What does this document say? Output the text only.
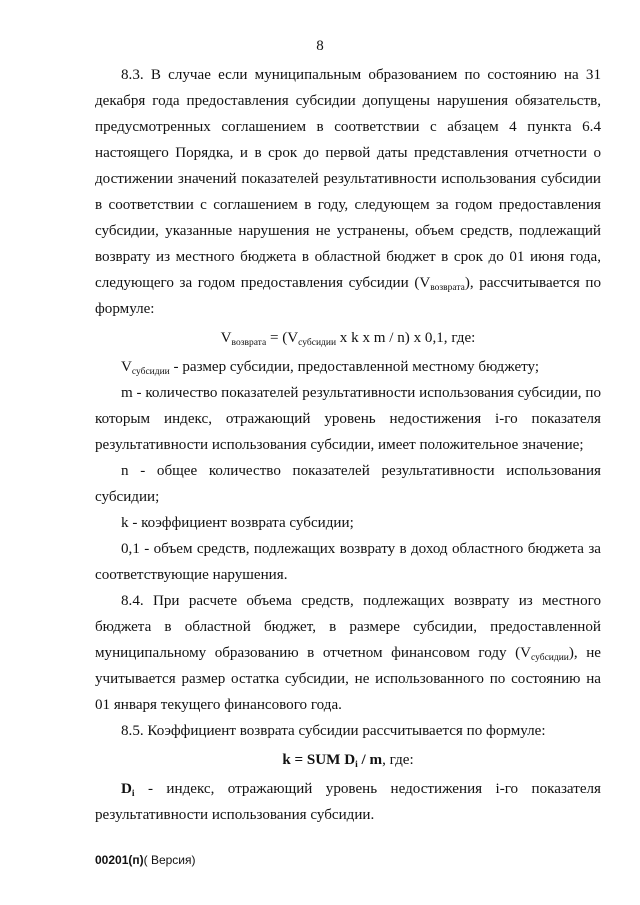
8

8.3. В случае если муниципальным образованием по состоянию на 31 декабря года предоставления субсидии допущены нарушения обязательств, предусмотренных соглашением в соответствии с абзацем 4 пункта 6.4 настоящего Порядка, и в срок до первой даты представления отчетности о достижении значений показателей результативности использования субсидии в соответствии с соглашением в году, следующем за годом предоставления субсидии, указанные нарушения не устранены, объем средств, подлежащий возврату из местного бюджета в областной бюджет в срок до 01 июня года, следующего за годом предоставления субсидии $(V_{возврата})$, рассчитывается по формуле:

$V_{возврата} = (V_{субсидии}$ x k x m / n) x 0,1, где:

$V_{субсидии}$ - размер субсидии, предоставленной местному бюджету;

m - количество показателей результативности использования субсидии, по которым индекс, отражающий уровень недостижения i-го показателя результативности использования субсидии, имеет положительное значение;

n - общее количество показателей результативности использования субсидии;

k - коэффициент возврата субсидии;

0,1 - объем средств, подлежащих возврату в доход областного бюджета за соответствующие нарушения.

8.4. При расчете объема средств, подлежащих возврату из местного бюджета в областной бюджет, в размере субсидии, предоставленной муниципальному образованию в отчетном финансовом году $(V_{субсидии})$, не учитывается размер остатка субсидии, не использованного по состоянию на 01 января текущего финансового года.

8.5. Коэффициент возврата субсидии рассчитывается по формуле:

k = SUM $D_i$ / m, где:

$D_i$ - индекс, отражающий уровень недостижения i-го показателя результативности использования субсидии.

00201(п)( Версия)
